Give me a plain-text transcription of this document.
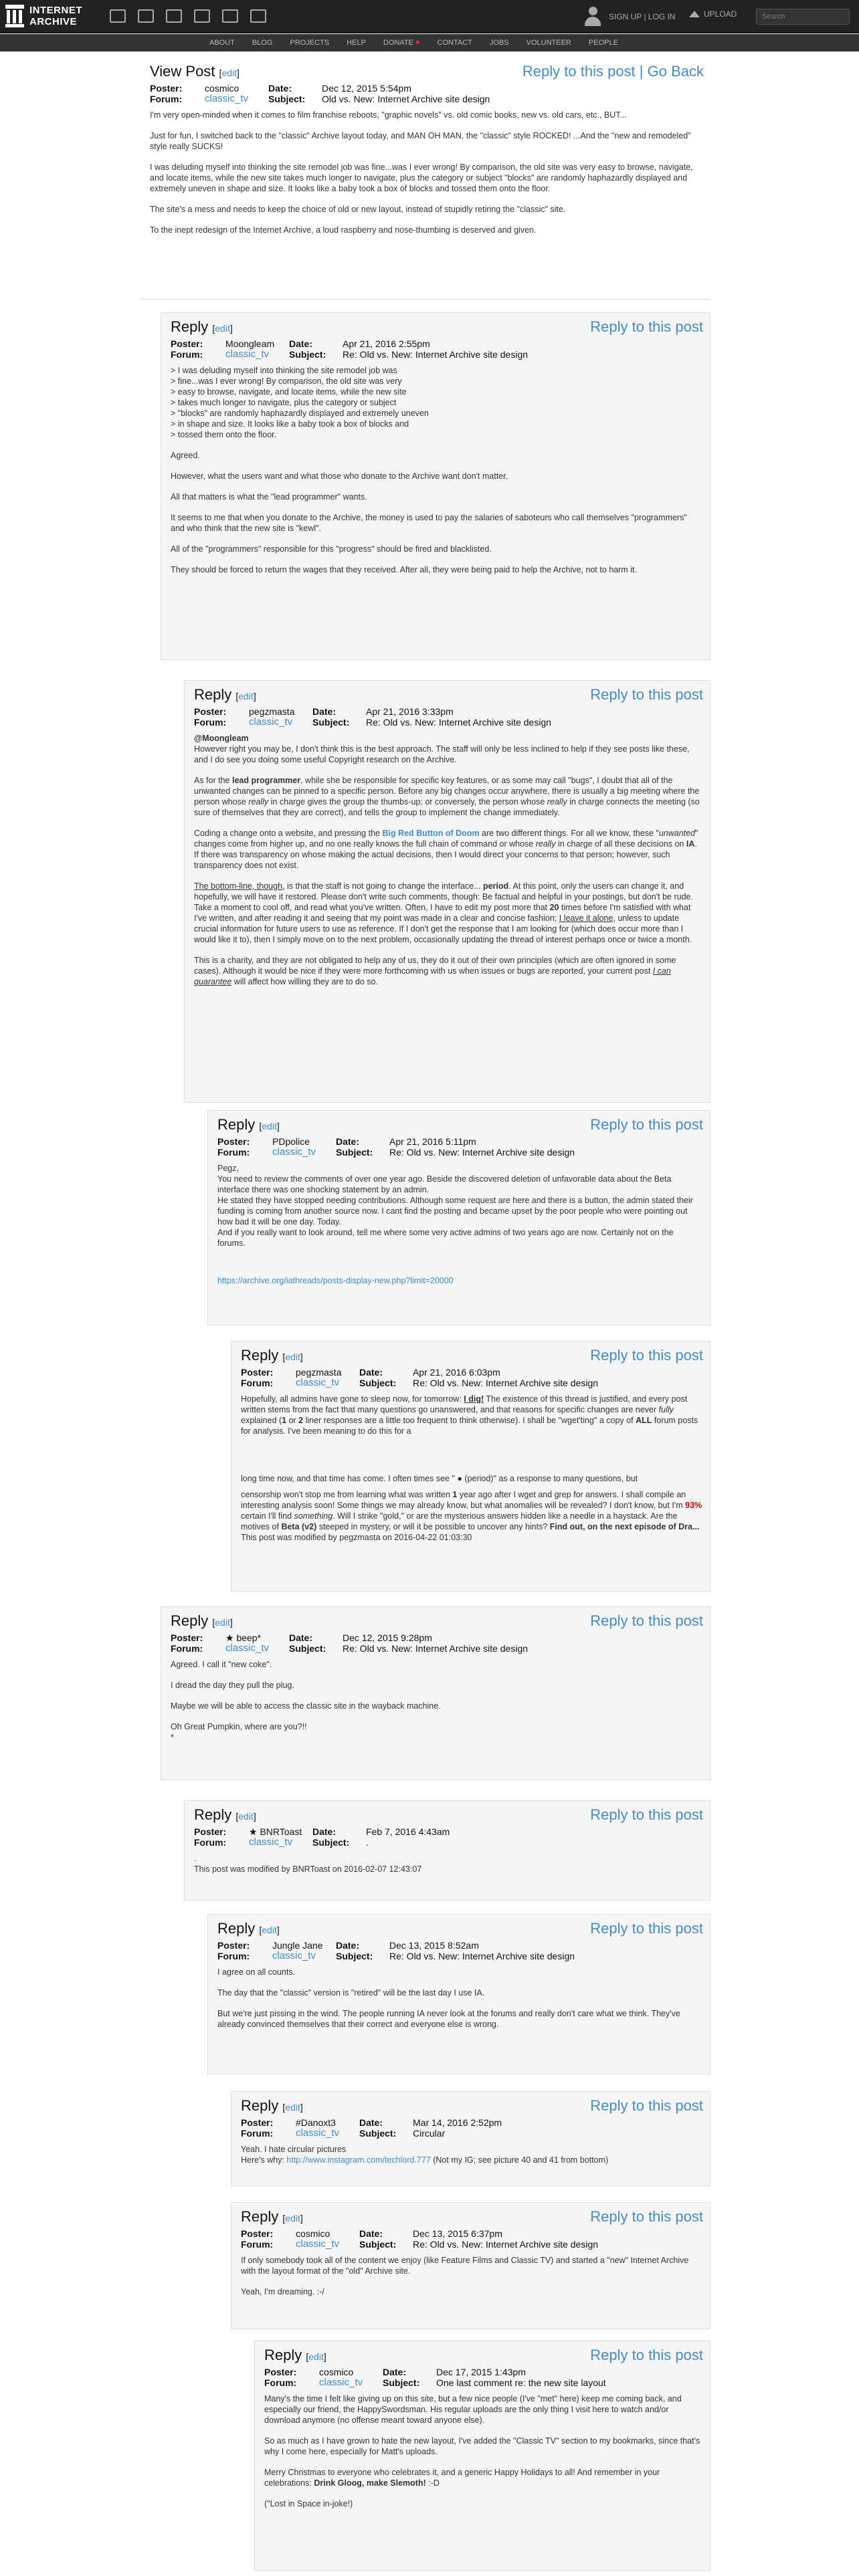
INTERNET
ARCHIVE	SIGN UP | LOG IN	UPLOAD	Search
ABOUT	BLOG	PROJECTS	HELP	DONATE ♥	CONTACT	JOBS	VOLUNTEER	PEOPLE
View Post [edit]	Reply to this post | Go Back
Poster:	cosmico	Date:	Dec 12, 2015 5:54pm
Forum:	classic_tv	Subject:	Old vs. New: Internet Archive site design

I'm very open-minded when it comes to film franchise reboots, "graphic novels" vs. old comic books, new vs. old cars, etc., BUT...

Just for fun, I switched back to the "classic" Archive layout today, and MAN OH MAN, the "classic" style ROCKED! ...And the "new and remodeled" style really SUCKS!

I was deluding myself into thinking the site remodel job was fine...was I ever wrong! By comparison, the old site was very easy to browse, navigate, and locate items, while the new site takes much longer to navigate, plus the category or subject "blocks" are randomly haphazardly displayed and extremely uneven in shape and size. It looks like a baby took a box of blocks and tossed them onto the floor.

The site's a mess and needs to keep the choice of old or new layout, instead of stupidly retiring the "classic" site.

To the inept redesign of the Internet Archive, a loud raspberry and nose-thumbing is deserved and given.

Reply [edit]	Reply to this post
Poster:	Moongleam	Date:	Apr 21, 2016 2:55pm
Forum:	classic_tv	Subject:	Re: Old vs. New: Internet Archive site design
> I was deluding myself into thinking the site remodel job was
> fine...was I ever wrong! By comparison, the old site was very
> easy to browse, navigate, and locate items, while the new site
> takes much longer to navigate, plus the category or subject
> "blocks" are randomly haphazardly displayed and extremely uneven
> in shape and size. It looks like a baby took a box of blocks and
> tossed them onto the floor.

Agreed.

However, what the users want and what those who donate to the Archive want don't matter.

All that matters is what the "lead programmer" wants.

It seems to me that when you donate to the Archive, the money is used to pay the salaries of saboteurs who call themselves "programmers" and who think that the new site is "kewl".

All of the "programmers" responsible for this "progress" should be fired and blacklisted.

They should be forced to return the wages that they received. After all, they were being paid to help the Archive, not to harm it.

Reply [edit]	Reply to this post
Poster:	pegzmasta	Date:	Apr 21, 2016 3:33pm
Forum:	classic_tv	Subject:	Re: Old vs. New: Internet Archive site design
@Moongleam

However right you may be, I don't think this is the best approach. The staff will only be less inclined to help if they see posts like these, and I do see you doing some useful Copyright research on the Archive.

As for the lead programmer, while she be responsible for specific key features, or as some may call "bugs", I doubt that all of the unwanted changes can be pinned to a specific person. Before any big changes occur anywhere, there is usually a big meeting where the person whose really in charge gives the group the thumbs-up; or conversely, the person whose really in charge connects the meeting (so sure of themselves that they are correct), and tells the group to implement the change immediately.

Coding a change onto a website, and pressing the Big Red Button of Doom are two different things. For all we know, these "unwanted" changes come from higher up, and no one really knows the full chain of command or whose really in charge of all these decisions on IA. If there was transparency on whose making the actual decisions, then I would direct your concerns to that person; however, such transparency does not exist.

The bottom-line, though, is that the staff is not going to change the interface... period. At this point, only the users can change it, and hopefully, we will have it restored. Please don't write such comments, though: Be factual and helpful in your postings, but don't be rude. Take a moment to cool off, and read what you've written. Often, I have to edit my post more that 20 times before I'm satisfied with what I've written, and after reading it and seeing that my point was made in a clear and concise fashion; I leave it alone, unless to update crucial information for future users to use as reference. If I don't get the response that I am looking for (which does occur more than I would like it to), then I simply move on to the next problem, occasionally updating the thread of interest perhaps once or twice a month.

This is a charity, and they are not obligated to help any of us, they do it out of their own principles (which are often ignored in some cases). Although it would be nice if they were more forthcoming with us when issues or bugs are reported, your current post I can guarantee will affect how willing they are to do so.

Reply [edit]	Reply to this post
Poster:	PDpolice	Date:	Apr 21, 2016 5:11pm
Forum:	classic_tv	Subject:	Re: Old vs. New: Internet Archive site design
Pegz,
You need to review the comments of over one year ago. Beside the discovered deletion of unfavorable data about the Beta interface there was one shocking statement by an admin.
He stated they have stopped needing contributions. Although some request are here and there is a button, the admin stated their funding is coming from another source now. I cant find the posting and became upset by the poor people who were pointing out how bad it will be one day. Today.
And if you really want to look around, tell me where some very active admins of two years ago are now. Certainly not on the forums.
https://archive.org/iathreads/posts-display-new.php?limit=20000
Reply [edit]	Reply to this post
Poster:	pegzmasta	Date:	Apr 21, 2016 6:03pm
Forum:	classic_tv	Subject:	Re: Old vs. New: Internet Archive site design

Hopefully, all admins have gone to sleep now, for tomorrow: I dig! The existence of this thread is justified, and every post written stems from the fact that many questions go unanswered, and that reasons for specific changes are never fully explained (1 or 2 liner responses are a little too frequent to think otherwise). I shall be "wget'ting" a copy of ALL forum posts for analysis. I've been meaning to do this for a

long time now, and that time has come. I often times see " ● (period)" as a response to many questions, but

censorship won't stop me from learning what was written 1 year ago after I wget and grep for answers. I shall compile an interesting analysis soon! Some things we may already know, but what anomalies will be revealed? I don't know, but I'm 93% certain I'll find something. Will I strike "gold," or are the mysterious answers hidden like a needle in a haystack. Are the motives of Beta (v2) steeped in mystery, or will it be possible to uncover any hints? Find out, on the next episode of Dra...
This post was modified by pegzmasta on 2016-04-22 01:03:30
Reply [edit]	Reply to this post
Poster:	★ beep*	Date:	Dec 12, 2015 9:28pm
Forum:	classic_tv	Subject:	Re: Old vs. New: Internet Archive site design

Agreed. I call it "new coke".

I dread the day they pull the plug.

Maybe we will be able to access the classic site in the wayback machine.

Oh Great Pumpkin, where are you?!!
*
Reply [edit]	Reply to this post
Poster:	★ BNRToast	Date:	Feb 7, 2016 4:43am
Forum:	classic_tv	Subject:	.
.
This post was modified by BNRToast on 2016-02-07 12:43:07
Reply [edit]	Reply to this post
Poster:	Jungle Jane	Date:	Dec 13, 2015 8:52am
Forum:	classic_tv	Subject:	Re: Old vs. New: Internet Archive site design

I agree on all counts.

The day that the "classic" version is "retired" will be the last day I use IA.

But we're just pissing in the wind. The people running IA never look at the forums and really don't care what we think. They've already convinced themselves that their correct and everyone else is wrong.

Reply [edit]	Reply to this post
Poster:	#Danoxt3	Date:	Mar 14, 2016 2:52pm
Forum:	classic_tv	Subject:	Circular
Yeah. I hate circular pictures
Here's why: http://www.instagram.com/techlord.777 (Not my IG; see picture 40 and 41 from bottom)
Reply [edit]	Reply to this post
Poster:	cosmico	Date:	Dec 13, 2015 6:37pm
Forum:	classic_tv	Subject:	Re: Old vs. New: Internet Archive site design

If only somebody took all of the content we enjoy (like Feature Films and Classic TV) and started a "new" Internet Archive with the layout format of the "old" Archive site.

Yeah, I'm dreaming. :-/

Reply [edit]	Reply to this post
Poster:	cosmico	Date:	Dec 17, 2015 1:43pm
Forum:	classic_tv	Subject:	One last comment re: the new site layout

Many's the time I felt like giving up on this site, but a few nice people (I've "met" here) keep me coming back, and especially our friend, the HappySwordsman. His regular uploads are the only thing I visit here to watch and/or download anymore (no offense meant toward anyone else).

So as much as I have grown to hate the new layout, I've added the "Classic TV" section to my bookmarks, since that's why I come here, especially for Matt's uploads.

Merry Christmas to everyone who celebrates it, and a generic Happy Holidays to all! And remember in your celebrations: Drink Gloog, make Slemoth! :-D

("Lost in Space in-joke!)
